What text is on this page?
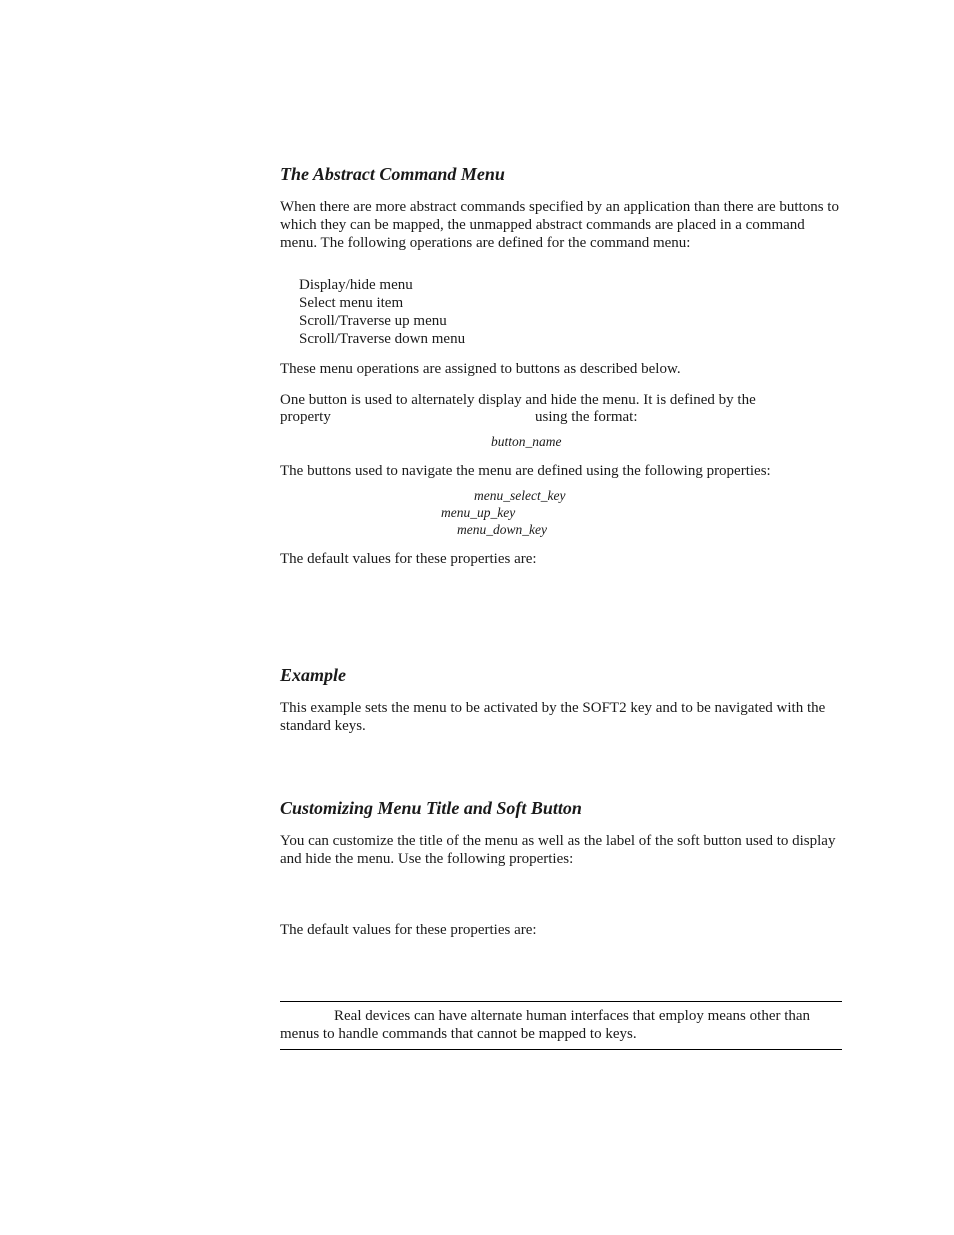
The Abstract Command Menu

When there are more abstract commands specified by an application than there are buttons to which they can be mapped, the unmapped abstract commands are placed in a command menu. The following operations are defined for the command menu:

Display/hide menu
Select menu item
Scroll/Traverse up menu
Scroll/Traverse down menu

These menu operations are assigned to buttons as described below.

One button is used to alternately display and hide the menu. It is defined by the

property	using the format:
button_name

The buttons used to navigate the menu are defined using the following properties:

menu_select_key
menu_up_key
menu_down_key

The default values for these properties are:

Example

This example sets the menu to be activated by the SOFT2 key and to be navigated with the standard keys.

Customizing Menu Title and Soft Button

You can customize the title of the menu as well as the label of the soft button used to display and hide the menu. Use the following properties:

The default values for these properties are:

Real devices can have alternate human interfaces that employ means other than menus to handle commands that cannot be mapped to keys.
